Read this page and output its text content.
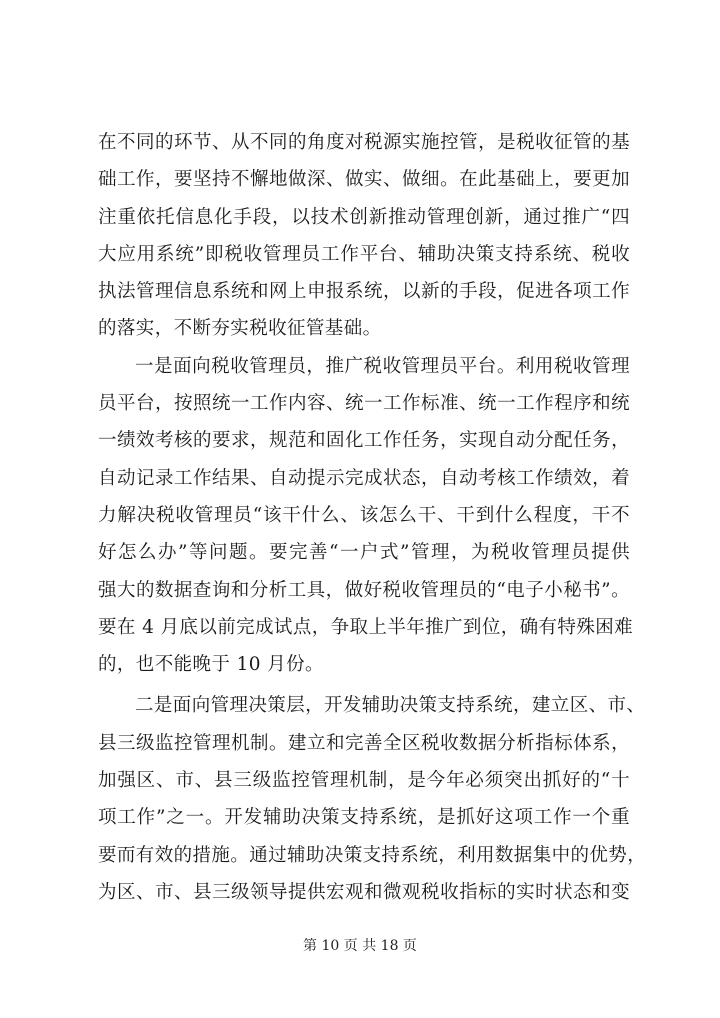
在不同的环节、从不同的角度对税源实施控管，是税收征管的基
础工作，要坚持不懈地做深、做实、做细。在此基础上，要更加
注重依托信息化手段，以技术创新推动管理创新，通过推广“四
大应用系统”即税收管理员工作平台、辅助决策支持系统、税收
执法管理信息系统和网上申报系统，以新的手段，促进各项工作
的落实，不断夯实税收征管基础。
一是面向税收管理员，推广税收管理员平台。利用税收管理
员平台，按照统一工作内容、统一工作标准、统一工作程序和统
一绩效考核的要求，规范和固化工作任务，实现自动分配任务，
自动记录工作结果、自动提示完成状态，自动考核工作绩效，着
力解决税收管理员“该干什么、该怎么干、干到什么程度，干不
好怎么办”等问题。要完善“一户式”管理，为税收管理员提供
强大的数据查询和分析工具，做好税收管理员的“电子小秘书”。
要在 4 月底以前完成试点，争取上半年推广到位，确有特殊困难
的，也不能晚于 10 月份。
二是面向管理决策层，开发辅助决策支持系统，建立区、市、
县三级监控管理机制。建立和完善全区税收数据分析指标体系，
加强区、市、县三级监控管理机制，是今年必须突出抓好的“十
项工作”之一。开发辅助决策支持系统，是抓好这项工作一个重
要而有效的措施。通过辅助决策支持系统，利用数据集中的优势，
为区、市、县三级领导提供宏观和微观税收指标的实时状态和变
第 10 页 共 18 页
